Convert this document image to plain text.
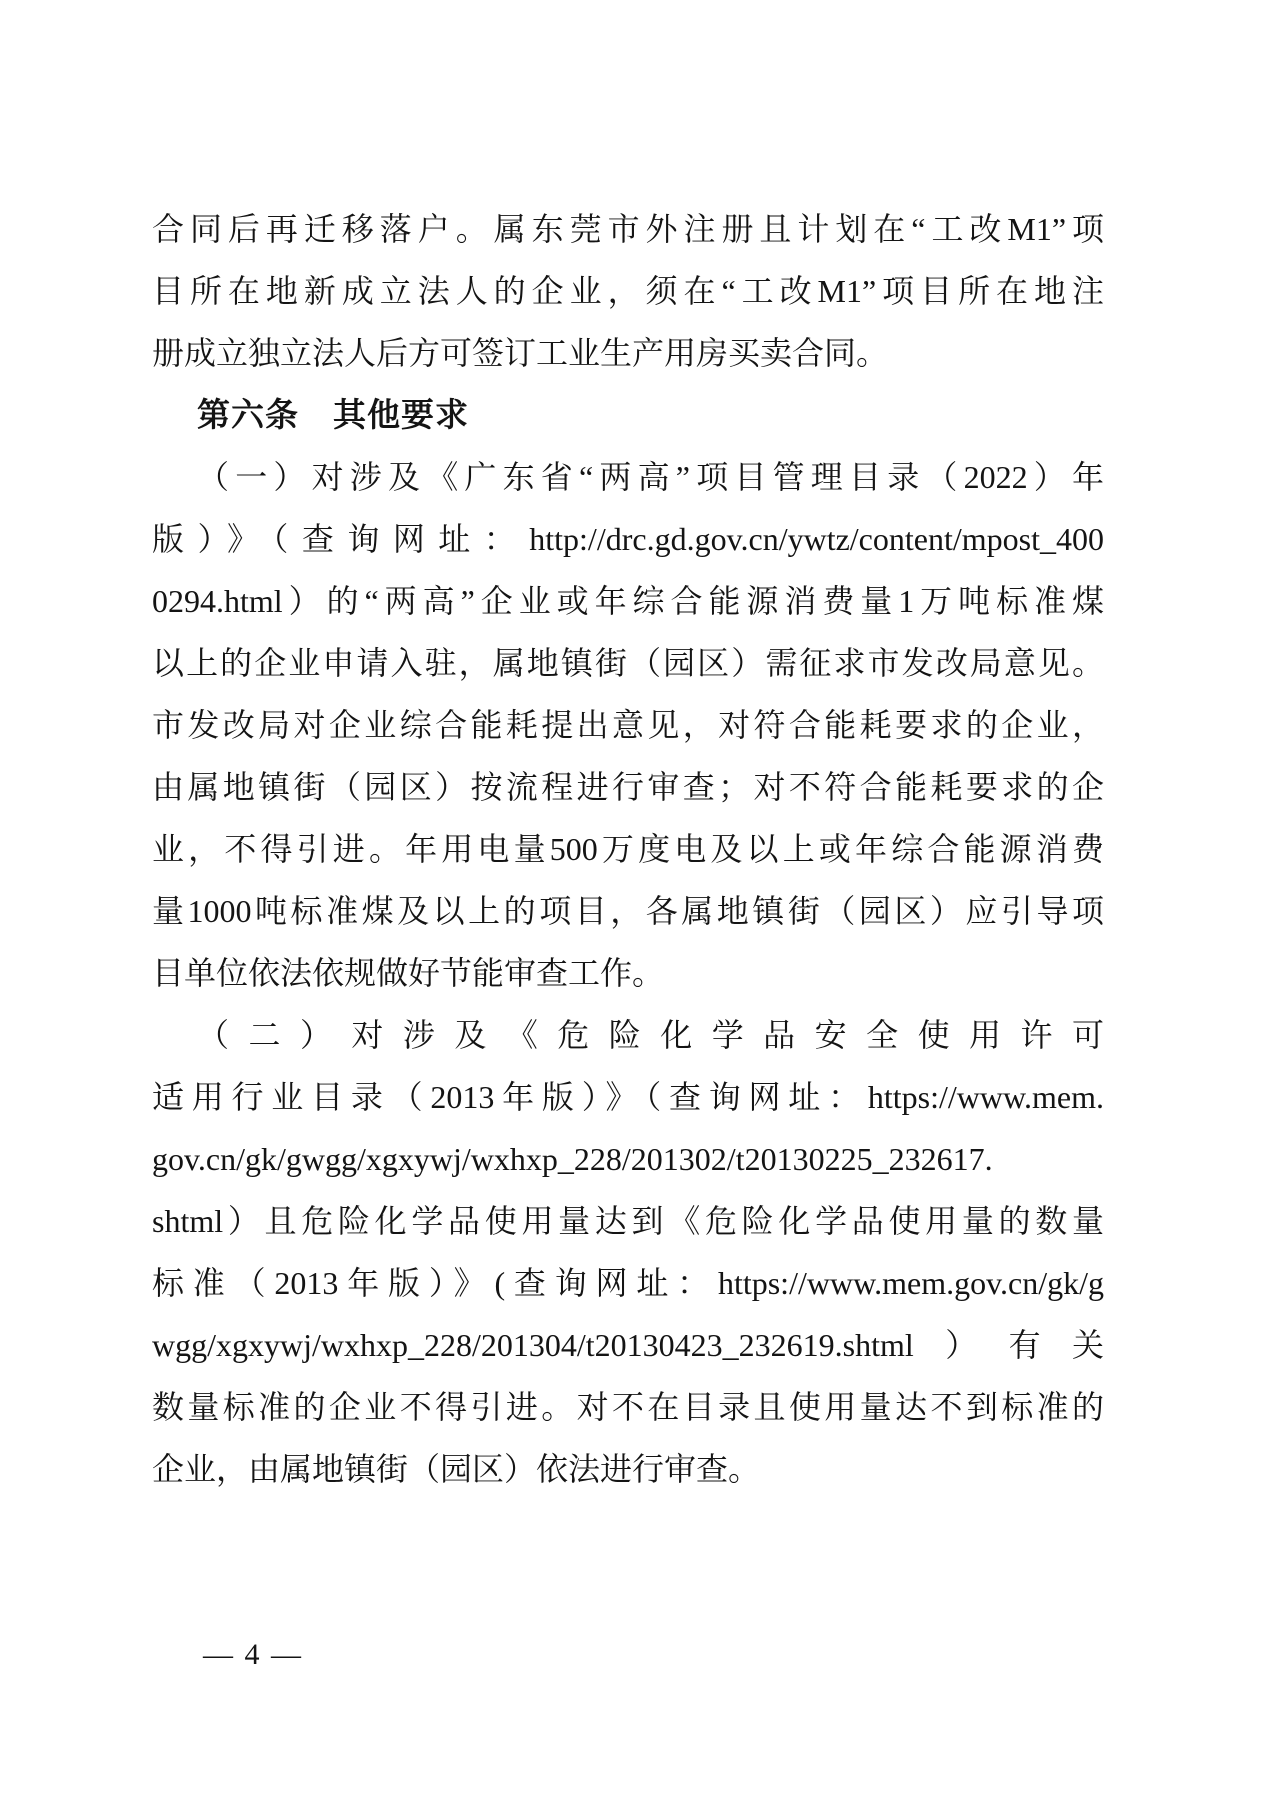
合同后再迁移落户。属东莞市外注册且计划在“工改M1”项
目所在地新成立法人的企业，须在“工改M1”项目所在地注
册成立独立法人后方可签订工业生产用房买卖合同。
第六条　其他要求
（一）对涉及《广东省“两高”项目管理目录（2022）年
版）》（查询网址：http://drc.gd.gov.cn/ywtz/content/mpost_400
0294.html）的“两高”企业或年综合能源消费量1万吨标准煤
以上的企业申请入驻，属地镇街（园区）需征求市发改局意见。
市发改局对企业综合能耗提出意见，对符合能耗要求的企业，
由属地镇街（园区）按流程进行审查；对不符合能耗要求的企
业，不得引进。年用电量500万度电及以上或年综合能源消费
量1000吨标准煤及以上的项目，各属地镇街（园区）应引导项
目单位依法依规做好节能审查工作。
（二）对涉及《危险化学品安全使用许可
适用行业目录（2013年版）》（查询网址：https://www.mem.
gov.cn/gk/gwgg/xgxywj/wxhxp_228/201302/t20130225_232617.
shtml）且危险化学品使用量达到《危险化学品使用量的数量
标准（2013年版）》(查询网址：https://www.mem.gov.cn/gk/g
wgg/xgxywj/wxhxp_228/201304/t20130423_232619.shtml）有关
数量标准的企业不得引进。对不在目录且使用量达不到标准的
企业，由属地镇街（园区）依法进行审查。
— 4 —
